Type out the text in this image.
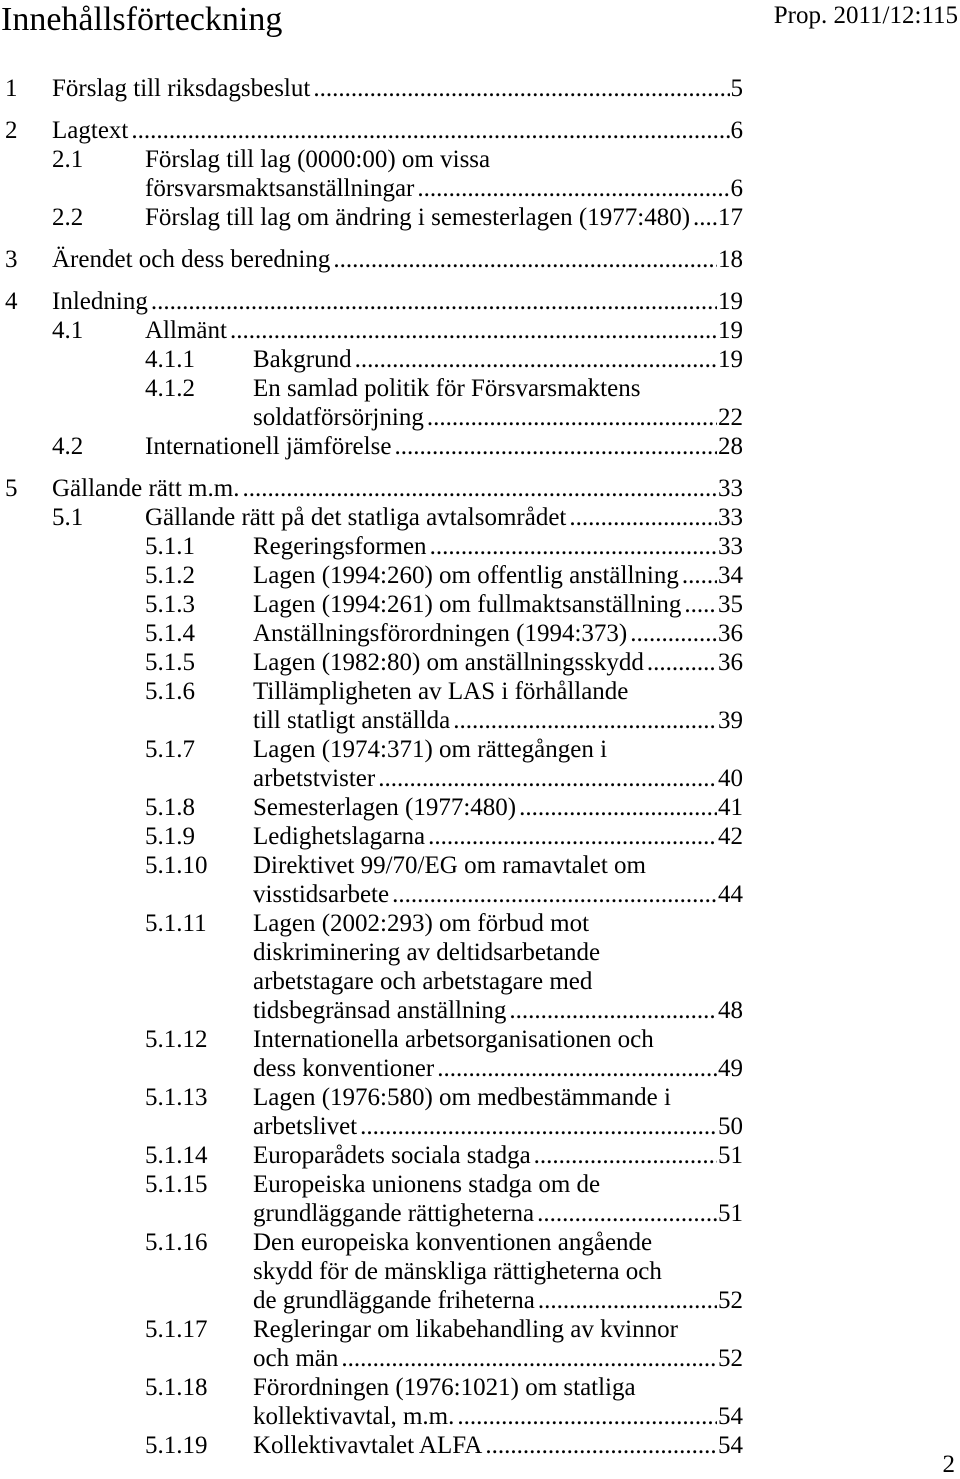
Innehållsförteckning	Prop. 2011/12:115
1 Förslag till riksdagsbeslut .....	5
2 Lagtext .....	6
2.1 Förslag till lag (0000:00) om vissa
försvarsmaktsanställningar .....	6
2.2 Förslag till lag om ändring i semesterlagen (1977:480) ..... 17
3 Ärendet och dess beredning .....	18
4 Inledning .....	19
4.1 Allmänt .....	19
4.1.1 Bakgrund .....	19
4.1.2 En samlad politik för Försvarsmaktens
soldatförsörjning .....	22
4.2 Internationell jämförelse .....	28
5 Gällande rätt m.m. .....	33
5.1 Gällande rätt på det statliga avtalsområdet .....	33
5.1.1 Regeringsformen .....	33
5.1.2 Lagen (1994:260) om offentlig anställning ..... 34
5.1.3 Lagen (1994:261) om fullmaktsanställning ..... 35
5.1.4 Anställningsförordningen (1994:373) .....	36
5.1.5 Lagen (1982:80) om anställningsskydd .....	36
5.1.6 Tillämpligheten av LAS i förhållande
till statligt anställda .....	39
5.1.7 Lagen (1974:371) om rättegången i
arbetstvister .....	40
5.1.8 Semesterlagen (1977:480) .....	41
5.1.9 Ledighetslagarna .....	42
5.1.10 Direktivet 99/70/EG om ramavtalet om
visstidsarbete .....	44
5.1.11 Lagen (2002:293) om förbud mot
diskriminering av deltidsarbetande
arbetstagare och arbetstagare med
tidsbegränsad anställning .....	48
5.1.12 Internationella arbetsorganisationen och
dess konventioner .....	49
5.1.13 Lagen (1976:580) om medbestämmande i
arbetslivet .....	50
5.1.14 Europarådets sociala stadga .....	51
5.1.15 Europeiska unionens stadga om de
grundläggande rättigheterna .....	51
5.1.16 Den europeiska konventionen angående
skydd för de mänskliga rättigheterna och
de grundläggande friheterna .....	52
5.1.17 Regleringar om likabehandling av kvinnor
och män .....	52
5.1.18 Förordningen (1976:1021) om statliga
kollektivavtal, m.m. .....	54
5.1.19 Kollektivavtalet ALFA .....	54
2
